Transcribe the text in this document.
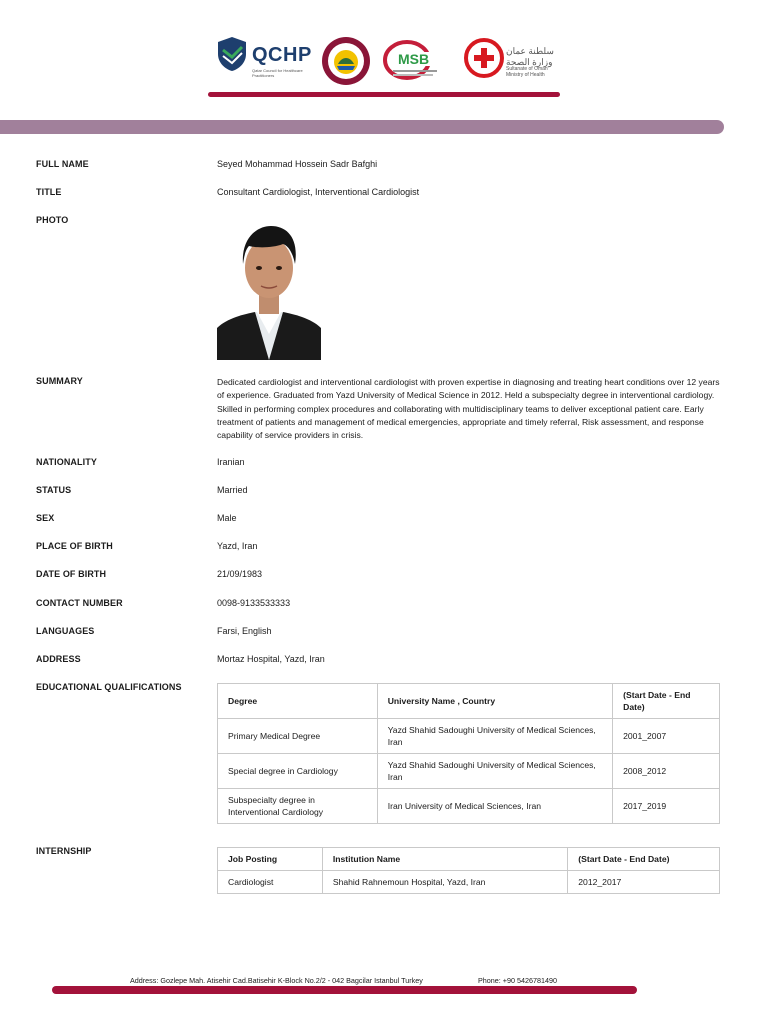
QCHP
Qatar Council for Healthcare Practitioners
MSB	سلطنة عمان وزارة الصحة
Sultanate of Oman Ministry of Health
FULL NAME	Seyed Mohammad Hossein Sadr Bafghi
TITLE	Consultant Cardiologist, Interventional Cardiologist
PHOTO
SUMMARY	Dedicated cardiologist and interventional cardiologist with proven expertise in diagnosing and treating heart conditions over 12 years of experience. Graduated from Yazd University of Medical Science in 2012. Held a subspecialty degree in interventional cardiology. Skilled in performing complex procedures and collaborating with multidisciplinary teams to deliver exceptional patient care. Early treatment of patients and management of medical emergencies, appropriate and timely referral, Risk assessment, and response capability of service providers in crisis.
NATIONALITY	Iranian
STATUS	Married
SEX	Male
PLACE OF BIRTH	Yazd, Iran
DATE OF BIRTH	21/09/1983
CONTACT NUMBER	0098-9133533333
LANGUAGES	Farsi, English
ADDRESS	Mortaz Hospital, Yazd, Iran
EDUCATIONAL QUALIFICATIONS
Degree	University Name , Country	(Start Date - End Date)
Primary Medical Degree	Yazd Shahid Sadoughi University of Medical Sciences, Iran	2001_2007
Special degree in Cardiology	Yazd Shahid Sadoughi University of Medical Sciences, Iran	2008_2012
Subspecialty degree in Interventional Cardiology	Iran University of Medical Sciences, Iran	2017_2019
INTERNSHIP
Job Posting	Institution Name	(Start Date - End Date)
Cardiologist	Shahid Rahnemoun Hospital, Yazd, Iran	2012_2017
Address: Gozlepe Mah. Atisehir Cad.Batisehir K-Block No.2/2 - 042 Bagcilar Istanbul Turkey	Phone: +90 5426781490
